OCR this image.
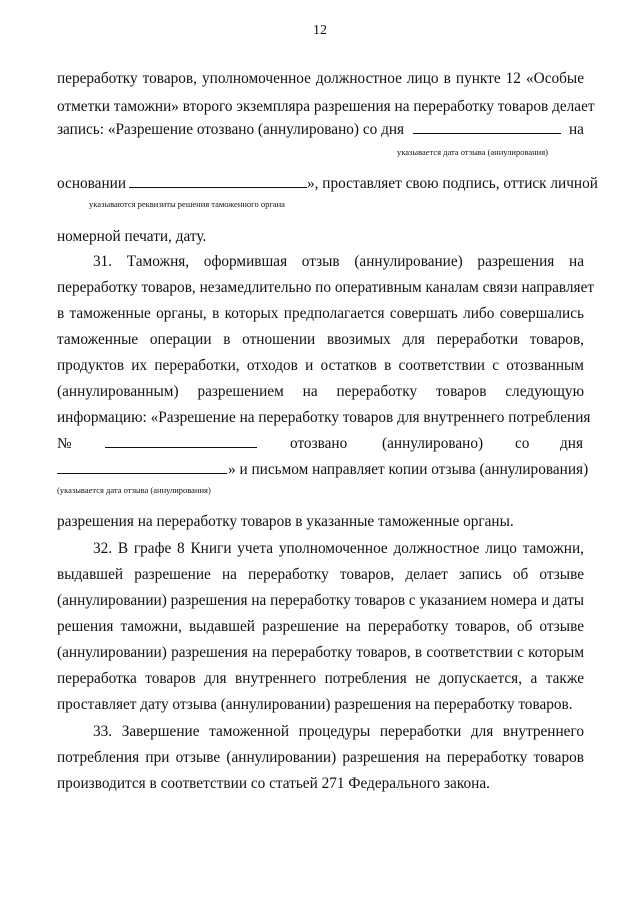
12
переработку товаров, уполномоченное должностное лицо в пункте 12 «Особые
отметки таможни» второго экземпляра разрешения на переработку товаров делает
запись: «Разрешение отозвано (аннулировано) со дня	на
указывается дата отзыва (аннулирования)
основании	», проставляет свою подпись, оттиск личной
указываются реквизиты решения таможенного органа
номерной печати, дату.
31. Таможня, оформившая отзыв (аннулирование) разрешения на
переработку товаров, незамедлительно по оперативным каналам связи направляет
в таможенные органы, в которых предполагается совершать либо совершались
таможенные операции в отношении ввозимых для переработки товаров,
продуктов их переработки, отходов и остатков в соответствии с отозванным
(аннулированным) разрешением на переработку товаров следующую
информацию: «Разрешение на переработку товаров для внутреннего потребления
№	отозвано (аннулировано) со дня
» и письмом направляет копии отзыва (аннулирования)
(указывается дата отзыва (аннулирования)
разрешения на переработку товаров в указанные таможенные органы.
32. В графе 8 Книги учета уполномоченное должностное лицо таможни,
выдавшей разрешение на переработку товаров, делает запись об отзыве
(аннулировании) разрешения на переработку товаров с указанием номера и даты
решения таможни, выдавшей разрешение на переработку товаров, об отзыве
(аннулировании) разрешения на переработку товаров, в соответствии с которым
переработка товаров для внутреннего потребления не допускается, а также
проставляет дату отзыва (аннулировании) разрешения на переработку товаров.
33. Завершение таможенной процедуры переработки для внутреннего
потребления при отзыве (аннулировании) разрешения на переработку товаров
производится в соответствии со статьей 271 Федерального закона.
